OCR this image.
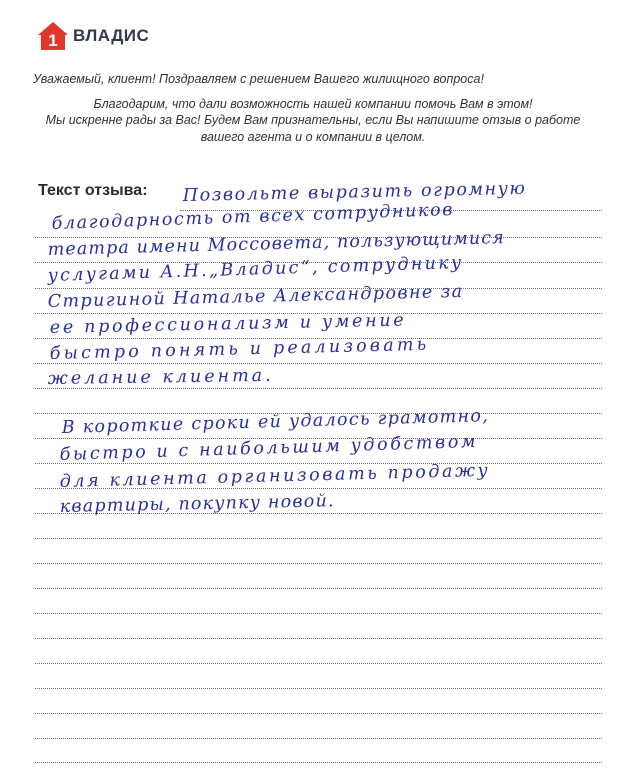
1 ВЛАДИС

Уважаемый, клиент! Поздравляем с решением Вашего жилищного вопроса!

Благодарим, что дали возможность нашей компании помочь Вам в этом!

Мы искренне рады за Вас! Будем Вам признательны, если Вы напишите отзыв о работе

вашего агента и о компании в целом.

Текст отзыва: Позвольте выразить огромную
благодарность от всех сотрудников
театра имени Моссовета, пользующимися
услугами А.Н.„Владис“, сотруднику
Стригиной Наталье Александровне за
ее профессионализм и умение
быстро понять и реализовать
желание клиента.
В короткие сроки ей удалось грамотно,
быстро и с наибольшим удобством
для клиента организовать продажу
квартиры, покупку новой.
